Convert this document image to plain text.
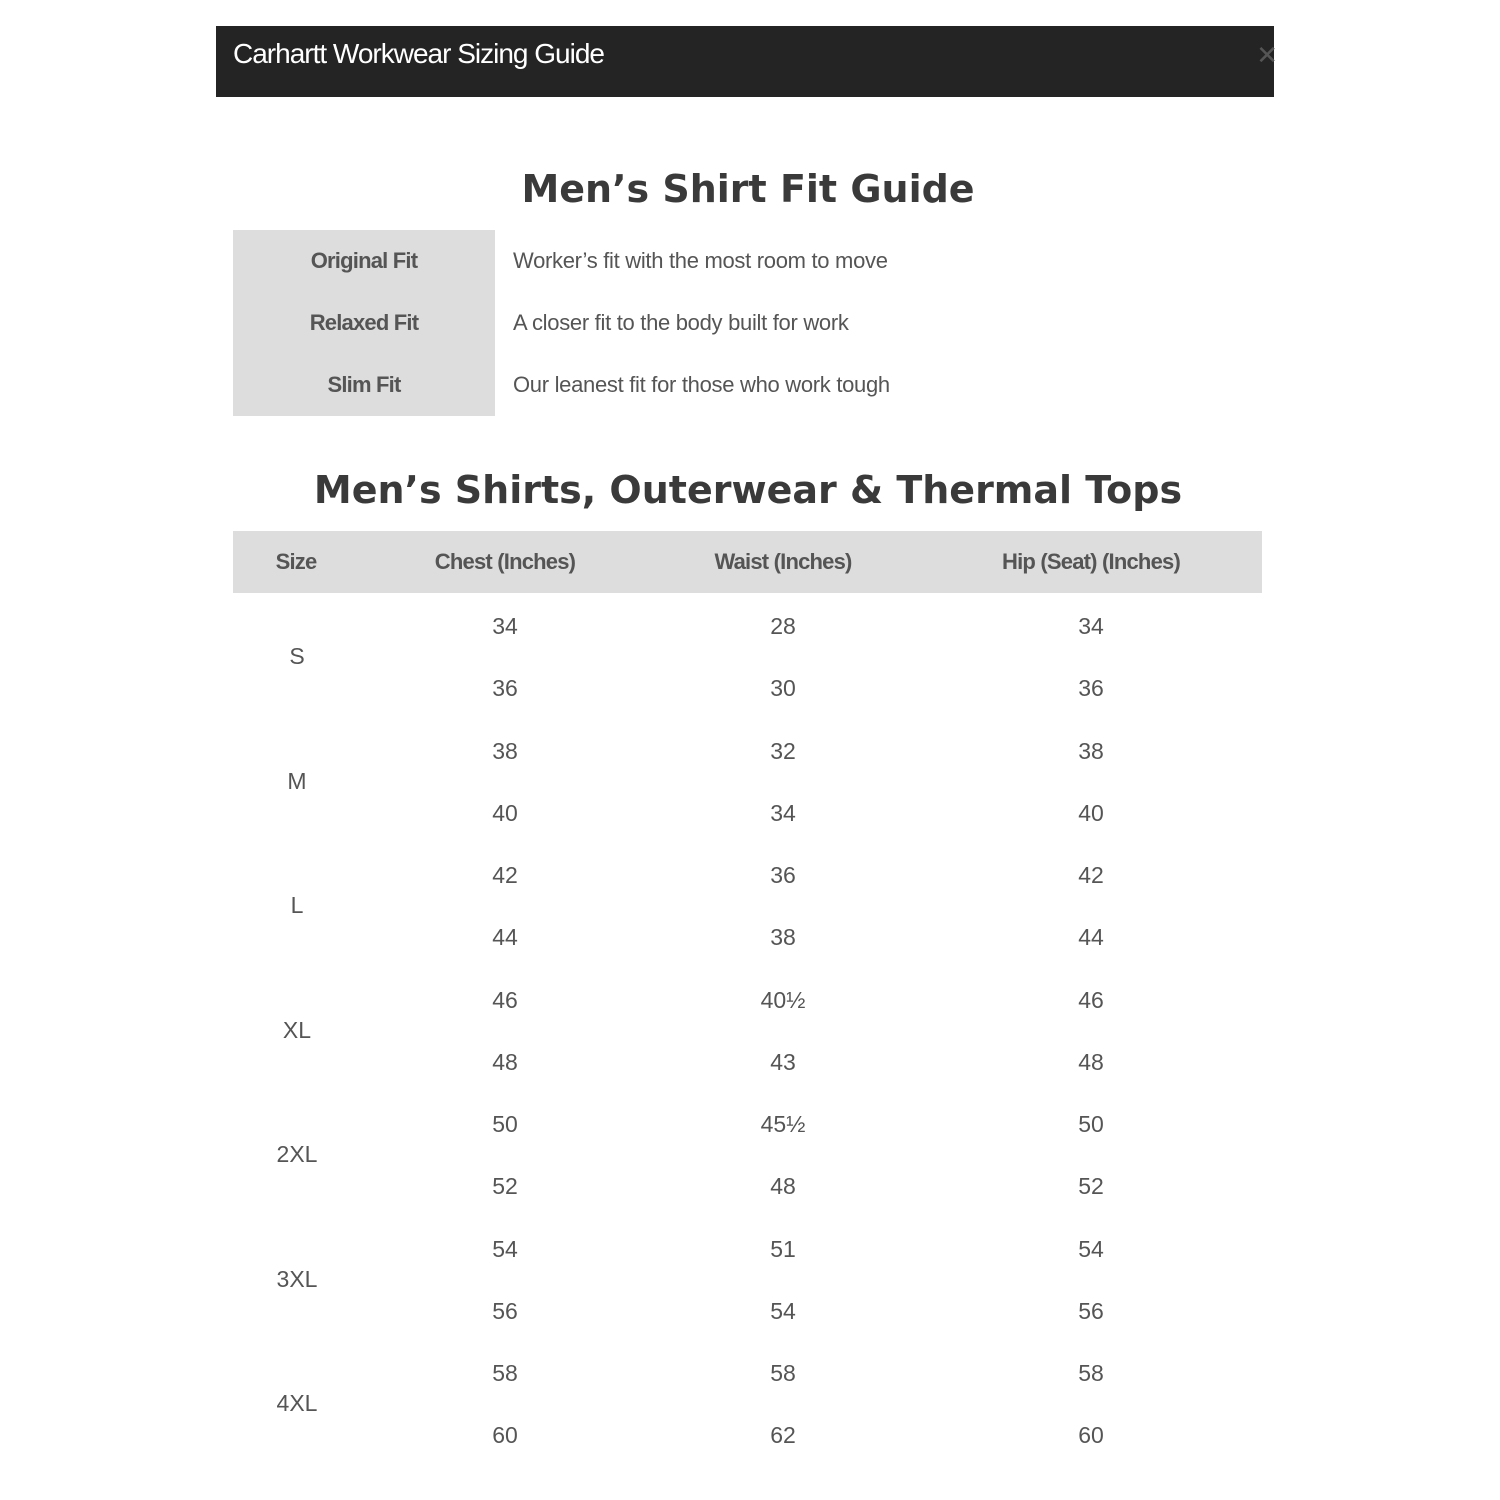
Carhartt Workwear Sizing Guide	✕
Men’s Shirt Fit Guide
Original Fit	Worker’s fit with the most room to move
Relaxed Fit	A closer fit to the body built for work
Slim Fit	Our leanest fit for those who work tough
Men’s Shirts, Outerwear & Thermal Tops
Size	Chest (Inches)	Waist (Inches)	Hip (Seat) (Inches)
S
34	28	34
36	30	36
M
38	32	38
40	34	40
L
42	36	42
44	38	44
XL
46	40½	46
48	43	48
2XL
50	45½	50
52	48	52
3XL
54	51	54
56	54	56
4XL
58	58	58
60	62	60
